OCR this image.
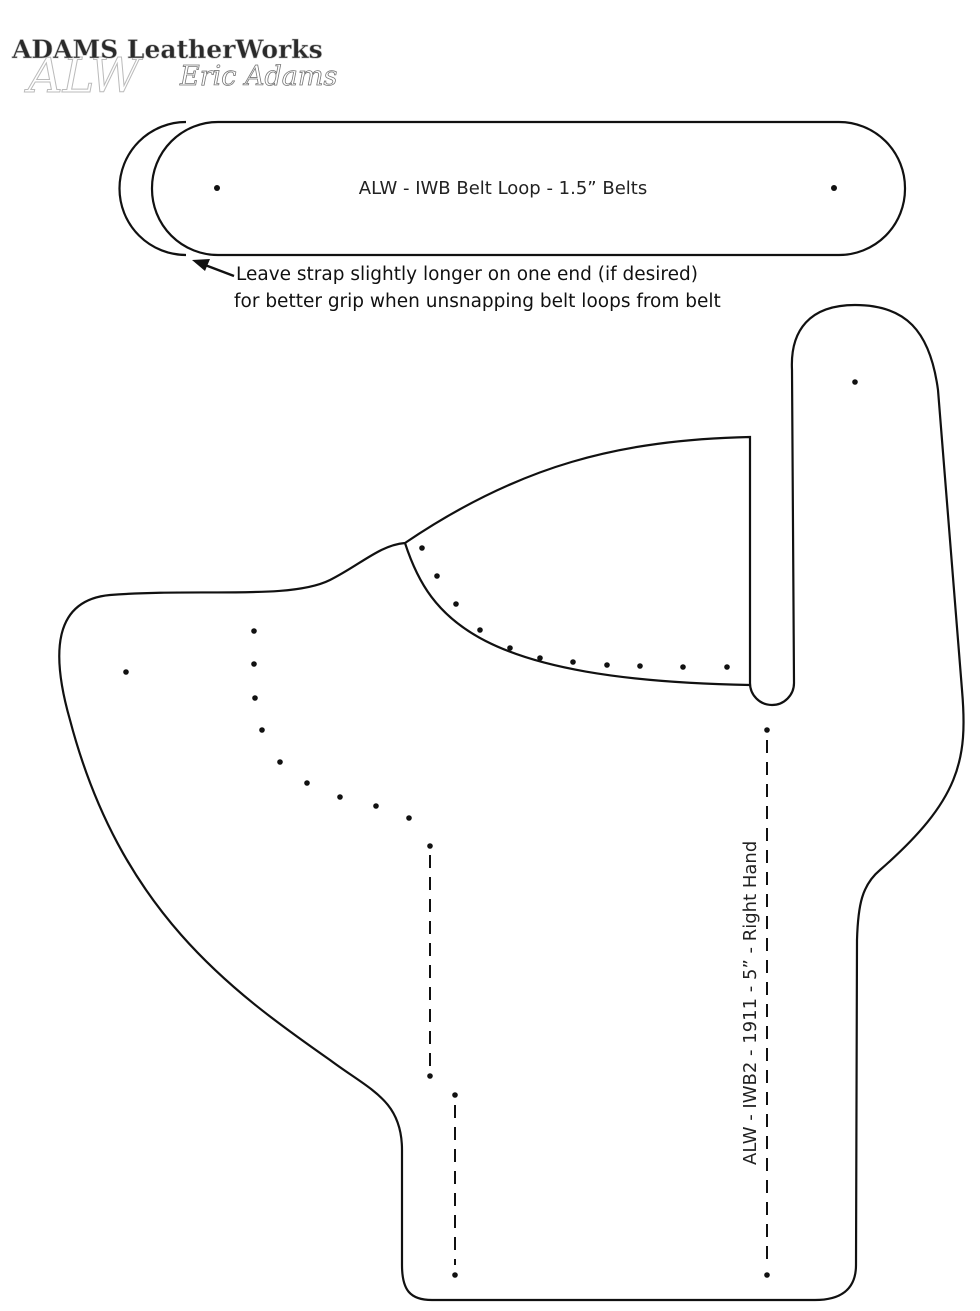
ALW
ADAMS LeatherWorks
Eric Adams
ALW - IWB Belt Loop - 1.5” Belts
Leave strap slightly longer on one end (if desired)
for better grip when unsnapping belt loops from belt
ALW - IWB2 - 1911 - 5” - Right Hand
